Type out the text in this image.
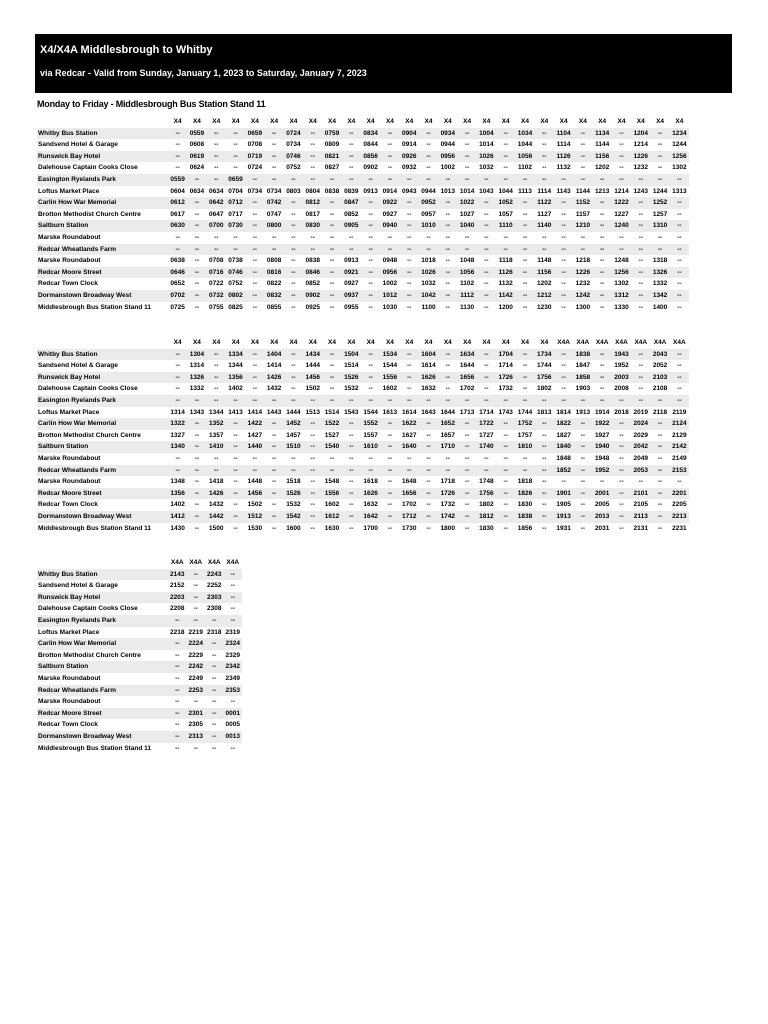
X4/X4A Middlesbrough to Whitby
via Redcar - Valid from Sunday, January 1, 2023 to Saturday, January 7, 2023
Monday to Friday - Middlesbrough Bus Station Stand 11
	X4	X4	X4	X4	X4	X4	X4	X4	X4	X4	X4	X4	X4	X4	X4	X4	X4	X4	X4	X4	X4	X4	X4	X4	X4	X4	X4
Whitby Bus Station	--	0559	--	--	0659	--	0724	--	0759	--	0834	--	0904	--	0934	--	1004	--	1034	--	1104	--	1134	--	1204	--	1234
Sandsend Hotel & Garage	--	0608	--	--	0708	--	0734	--	0809	--	0844	--	0914	--	0944	--	1014	--	1044	--	1114	--	1144	--	1214	--	1244
Runswick Bay Hotel	--	0619	--	--	0719	--	0746	--	0821	--	0856	--	0926	--	0956	--	1026	--	1056	--	1126	--	1156	--	1226	--	1256
Dalehouse Captain Cooks Close	--	0624	--	--	0724	--	0752	--	0827	--	0902	--	0932	--	1002	--	1032	--	1102	--	1132	--	1202	--	1232	--	1302
Easington Ryelands Park	0559	--	--	0659	--	--	--	--	--	--	--	--	--	--	--	--	--	--	--	--	--	--	--	--	--	--	--
Loftus Market Place	0604	0634	0634	0704	0734	0734	0803	0804	0838	0839	0913	0914	0943	0944	1013	1014	1043	1044	1113	1114	1143	1144	1213	1214	1243	1244	1313
Carlin How War Memorial	0612	--	0642	0712	--	0742	--	0812	--	0847	--	0922	--	0952	--	1022	--	1052	--	1122	--	1152	--	1222	--	1252	--
Brotton Methodist Church Centre	0617	--	0647	0717	--	0747	--	0817	--	0852	--	0927	--	0957	--	1027	--	1057	--	1127	--	1157	--	1227	--	1257	--
Saltburn Station	0630	--	0700	0730	--	0800	--	0830	--	0905	--	0940	--	1010	--	1040	--	1110	--	1140	--	1210	--	1240	--	1310	--
Marske Roundabout	--	--	--	--	--	--	--	--	--	--	--	--	--	--	--	--	--	--	--	--	--	--	--	--	--	--	--
Redcar Wheatlands Farm	--	--	--	--	--	--	--	--	--	--	--	--	--	--	--	--	--	--	--	--	--	--	--	--	--	--	--
Marske Roundabout	0638	--	0708	0738	--	0808	--	0838	--	0913	--	0948	--	1018	--	1048	--	1118	--	1148	--	1218	--	1248	--	1318	--
Redcar Moore Street	0646	--	0716	0746	--	0816	--	0846	--	0921	--	0956	--	1026	--	1056	--	1126	--	1156	--	1226	--	1256	--	1326	--
Redcar Town Clock	0652	--	0722	0752	--	0822	--	0852	--	0927	--	1002	--	1032	--	1102	--	1132	--	1202	--	1232	--	1302	--	1332	--
Dormanstown Broadway West	0702	--	0732	0802	--	0832	--	0902	--	0937	--	1012	--	1042	--	1112	--	1142	--	1212	--	1242	--	1312	--	1342	--
Middlesbrough Bus Station Stand 11	0725	--	0755	0825	--	0855	--	0925	--	0955	--	1030	--	1100	--	1130	--	1200	--	1230	--	1300	--	1330	--	1400	--
	X4	X4	X4	X4	X4	X4	X4	X4	X4	X4	X4	X4	X4	X4	X4	X4	X4	X4	X4	X4	X4A	X4A	X4A	X4A	X4A	X4A	X4A
Whitby Bus Station	--	1304	--	1334	--	1404	--	1434	--	1504	--	1534	--	1604	--	1634	--	1704	--	1734	--	1838	--	1943	--	2043	--
Sandsend Hotel & Garage	--	1314	--	1344	--	1414	--	1444	--	1514	--	1544	--	1614	--	1644	--	1714	--	1744	--	1847	--	1952	--	2052	--
Runswick Bay Hotel	--	1326	--	1356	--	1426	--	1456	--	1526	--	1556	--	1626	--	1656	--	1726	--	1756	--	1858	--	2003	--	2103	--
Dalehouse Captain Cooks Close	--	1332	--	1402	--	1432	--	1502	--	1532	--	1602	--	1632	--	1702	--	1732	--	1802	--	1903	--	2008	--	2108	--
Easington Ryelands Park	--	--	--	--	--	--	--	--	--	--	--	--	--	--	--	--	--	--	--	--	--	--	--	--	--	--	--
Loftus Market Place	1314	1343	1344	1413	1414	1443	1444	1513	1514	1543	1544	1613	1614	1643	1644	1713	1714	1743	1744	1813	1814	1913	1914	2018	2019	2118	2119
Carlin How War Memorial	1322	--	1352	--	1422	--	1452	--	1522	--	1552	--	1622	--	1652	--	1722	--	1752	--	1822	--	1922	--	2024	--	2124
Brotton Methodist Church Centre	1327	--	1357	--	1427	--	1457	--	1527	--	1557	--	1627	--	1657	--	1727	--	1757	--	1827	--	1927	--	2029	--	2129
Saltburn Station	1340	--	1410	--	1440	--	1510	--	1540	--	1610	--	1640	--	1710	--	1740	--	1810	--	1840	--	1940	--	2042	--	2142
Marske Roundabout	--	--	--	--	--	--	--	--	--	--	--	--	--	--	--	--	--	--	--	--	1848	--	1948	--	2049	--	2149
Redcar Wheatlands Farm	--	--	--	--	--	--	--	--	--	--	--	--	--	--	--	--	--	--	--	--	1852	--	1952	--	2053	--	2153
Marske Roundabout	1348	--	1418	--	1448	--	1518	--	1548	--	1618	--	1648	--	1718	--	1748	--	1818	--	--	--	--	--	--	--	--
Redcar Moore Street	1356	--	1426	--	1456	--	1526	--	1556	--	1626	--	1656	--	1726	--	1756	--	1826	--	1901	--	2001	--	2101	--	2201
Redcar Town Clock	1402	--	1432	--	1502	--	1532	--	1602	--	1632	--	1702	--	1732	--	1802	--	1830	--	1905	--	2005	--	2105	--	2205
Dormanstown Broadway West	1412	--	1442	--	1512	--	1542	--	1612	--	1642	--	1712	--	1742	--	1812	--	1838	--	1913	--	2013	--	2113	--	2213
Middlesbrough Bus Station Stand 11	1430	--	1500	--	1530	--	1600	--	1630	--	1700	--	1730	--	1800	--	1830	--	1856	--	1931	--	2031	--	2131	--	2231
	X4A	X4A	X4A	X4A
Whitby Bus Station	2143	--	2243	--
Sandsend Hotel & Garage	2152	--	2252	--
Runswick Bay Hotel	2203	--	2303	--
Dalehouse Captain Cooks Close	2208	--	2308	--
Easington Ryelands Park	--	--	--	--
Loftus Market Place	2218	2219	2318	2319
Carlin How War Memorial	--	2224	--	2324
Brotton Methodist Church Centre	--	2229	--	2329
Saltburn Station	--	2242	--	2342
Marske Roundabout	--	2249	--	2349
Redcar Wheatlands Farm	--	2253	--	2353
Marske Roundabout	--	--	--	--
Redcar Moore Street	--	2301	--	0001
Redcar Town Clock	--	2305	--	0005
Dormanstown Broadway West	--	2313	--	0013
Middlesbrough Bus Station Stand 11	--	--	--	--
